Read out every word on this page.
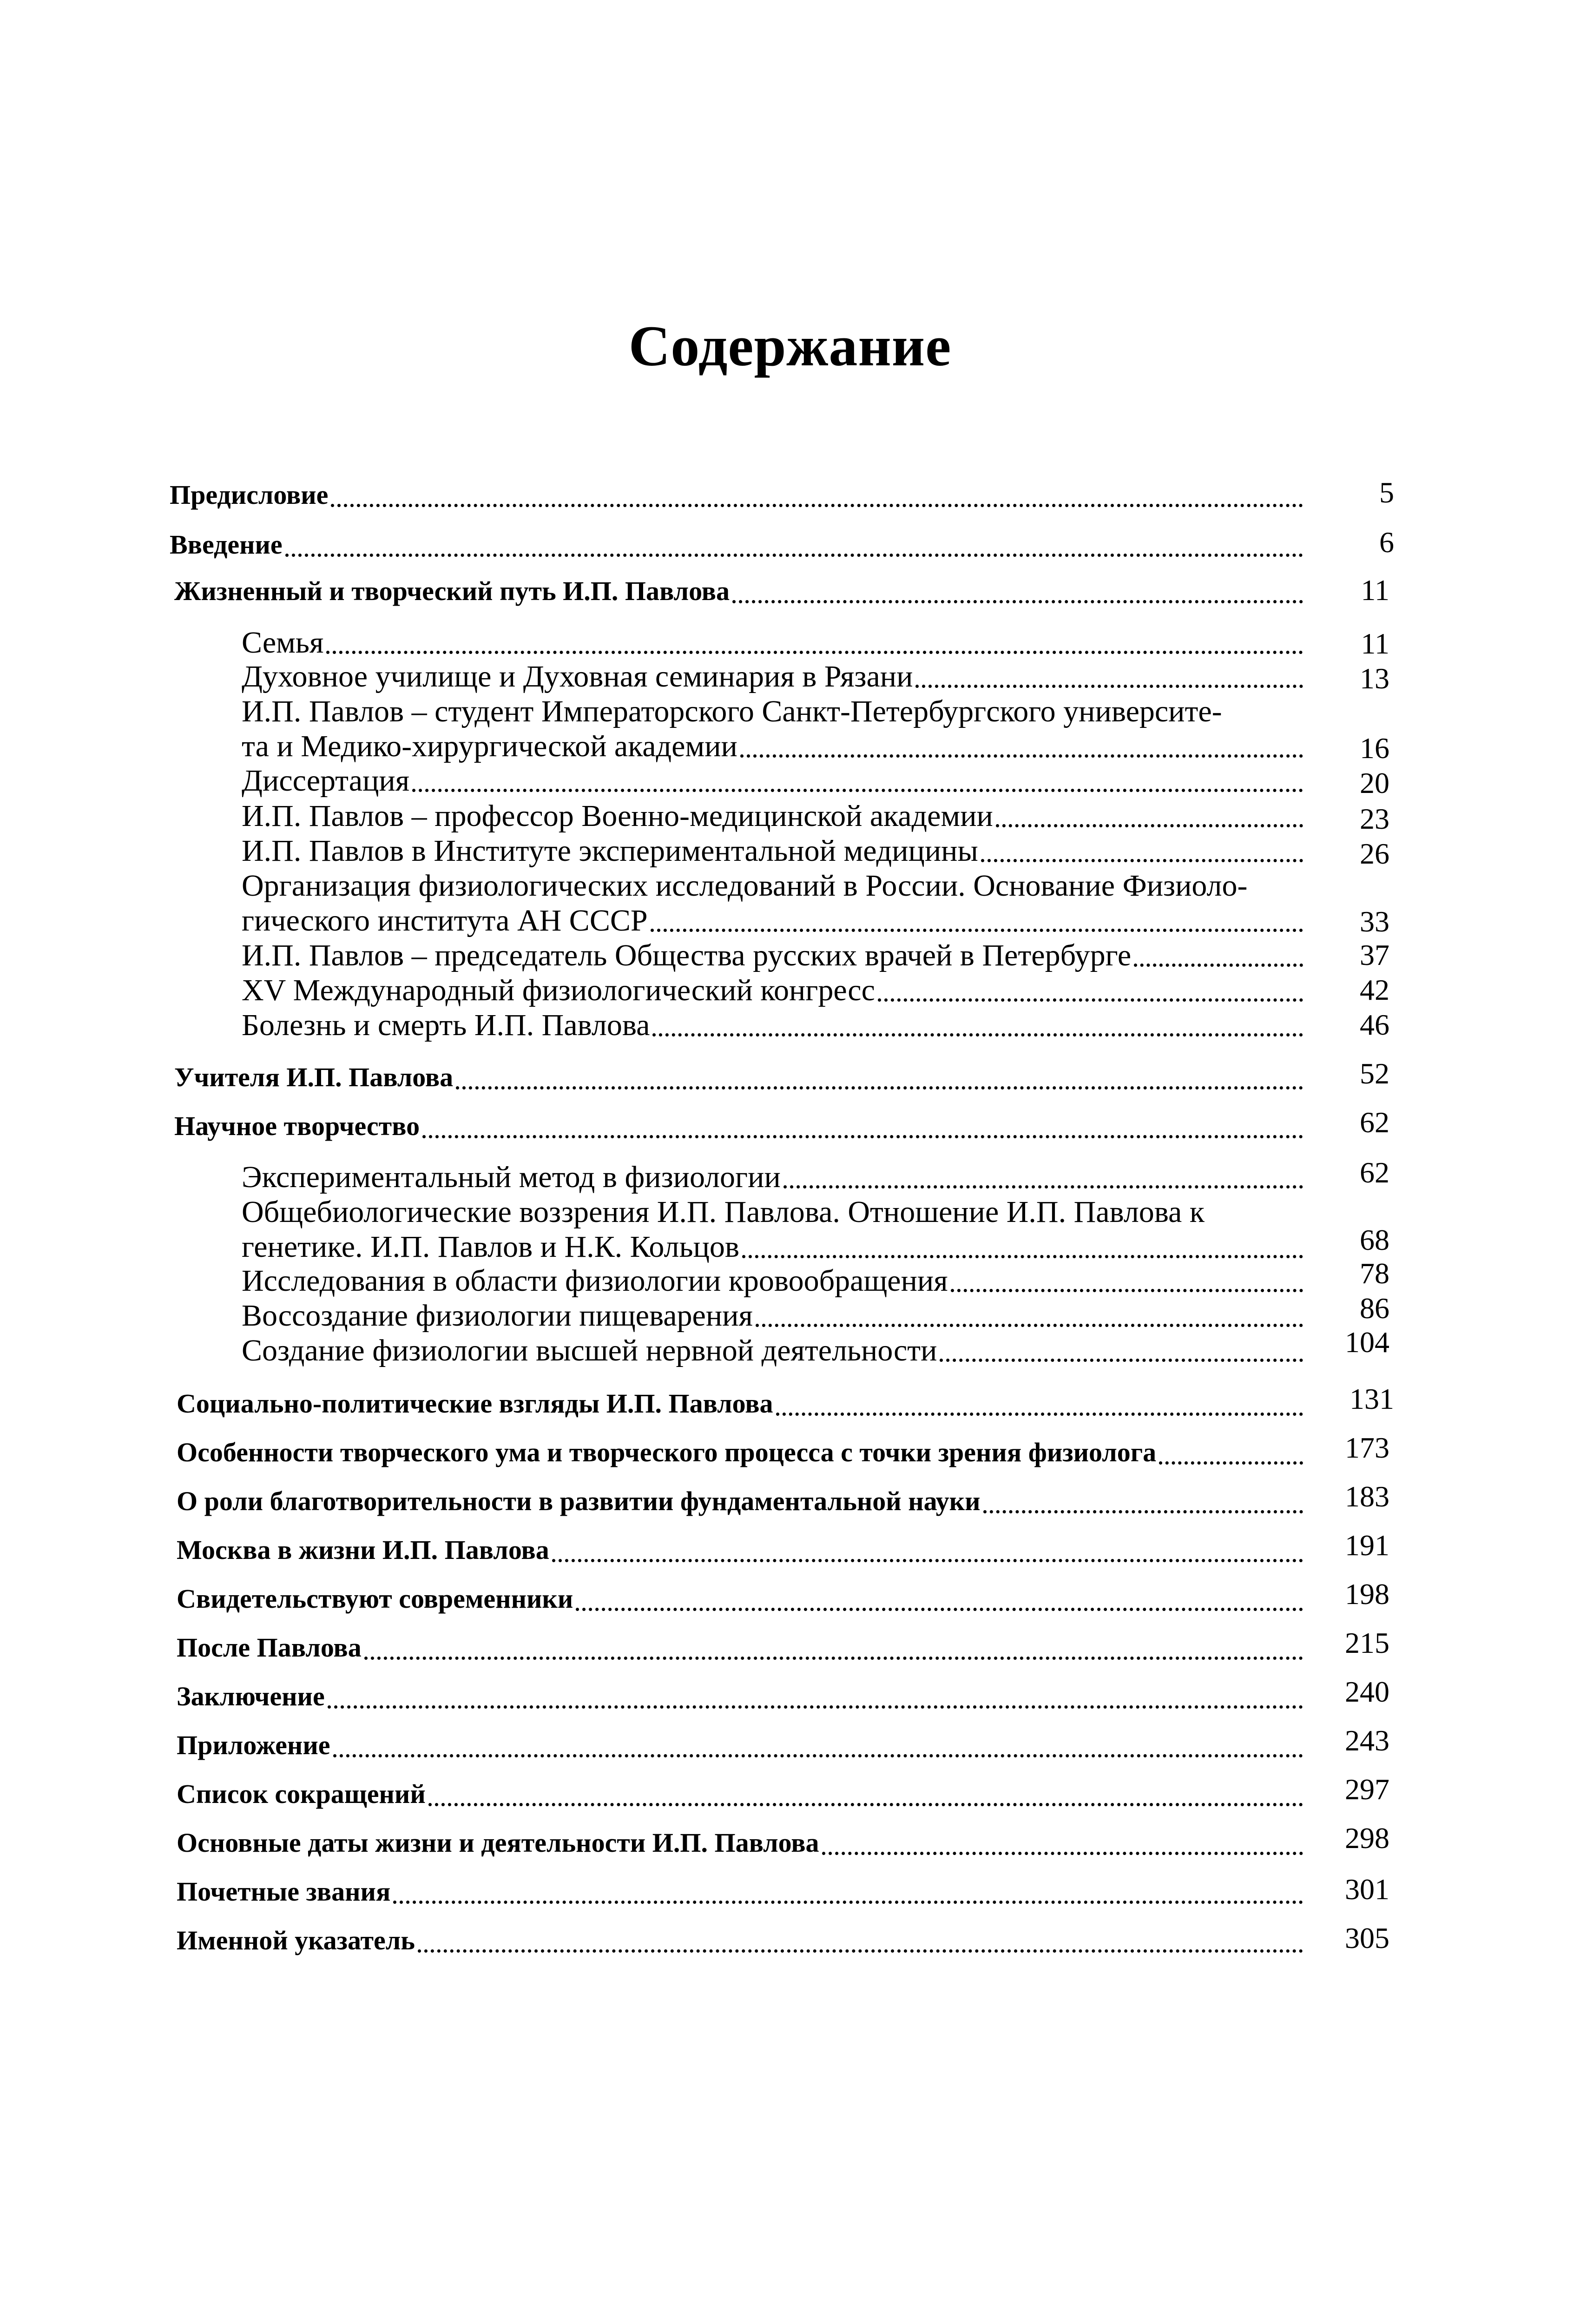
Содержание
Предисловие	5
Введение	6
Жизненный и творческий путь И.П. Павлова	11
Семья	11
Духовное училище и Духовная семинария в Рязани	13
И.П. Павлов – студент Императорского Санкт-Петербургского университе-
та и Медико-хирургической академии	16
Диссертация	20
И.П. Павлов – профессор Военно-медицинской академии	23
И.П. Павлов в Институте экспериментальной медицины	26
Организация физиологических исследований в России. Основание Физиоло-
гического института АН СССР	33
И.П. Павлов – председатель Общества русских врачей в Петербурге	37
XV Международный физиологический конгресс	42
Болезнь и смерть И.П. Павлова	46
Учителя И.П. Павлова	52
Научное творчество	62
Экспериментальный метод в физиологии	62
Общебиологические воззрения И.П. Павлова. Отношение И.П. Павлова к
генетике. И.П. Павлов и Н.К. Кольцов	68
Исследования в области физиологии кровообращения	78
Воссоздание физиологии пищеварения	86
Создание физиологии высшей нервной деятельности	104
Социально-политические взгляды И.П. Павлова	131
Особенности творческого ума и творческого процесса с точки зрения физиолога	173
О роли благотворительности в развитии фундаментальной науки	183
Москва в жизни И.П. Павлова	191
Свидетельствуют современники	198
После Павлова	215
Заключение	240
Приложение	243
Список сокращений	297
Основные даты жизни и деятельности И.П. Павлова	298
Почетные звания	301
Именной указатель	305
